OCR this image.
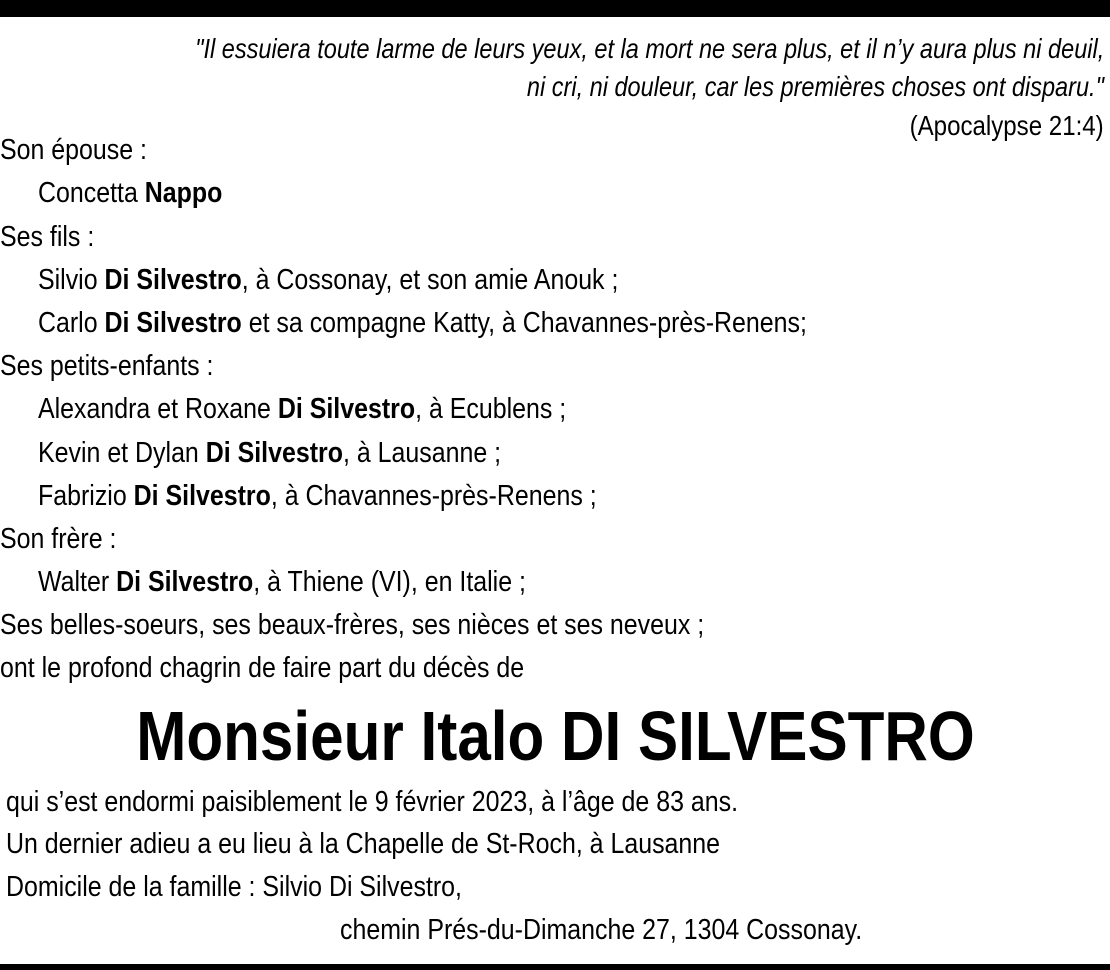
"Il essuiera toute larme de leurs yeux, et la mort ne sera plus, et il n’y aura plus ni deuil,
ni cri, ni douleur, car les premières choses ont disparu."
(Apocalypse 21:4)
Son épouse :
Concetta Nappo
Ses fils :
Silvio Di Silvestro, à Cossonay, et son amie Anouk ;
Carlo Di Silvestro et sa compagne Katty, à Chavannes-près-Renens;
Ses petits-enfants :
Alexandra et Roxane Di Silvestro, à Ecublens ;
Kevin et Dylan Di Silvestro, à Lausanne ;
Fabrizio Di Silvestro, à Chavannes-près-Renens ;
Son frère :
Walter Di Silvestro, à Thiene (VI), en Italie ;
Ses belles-soeurs, ses beaux-frères, ses nièces et ses neveux ;
ont le profond chagrin de faire part du décès de
Monsieur Italo DI SILVESTRO
qui s’est endormi paisiblement le 9 février 2023, à l’âge de 83 ans.
Un dernier adieu a eu lieu à la Chapelle de St-Roch, à Lausanne
Domicile de la famille : Silvio Di Silvestro,
chemin Prés-du-Dimanche 27, 1304 Cossonay.
